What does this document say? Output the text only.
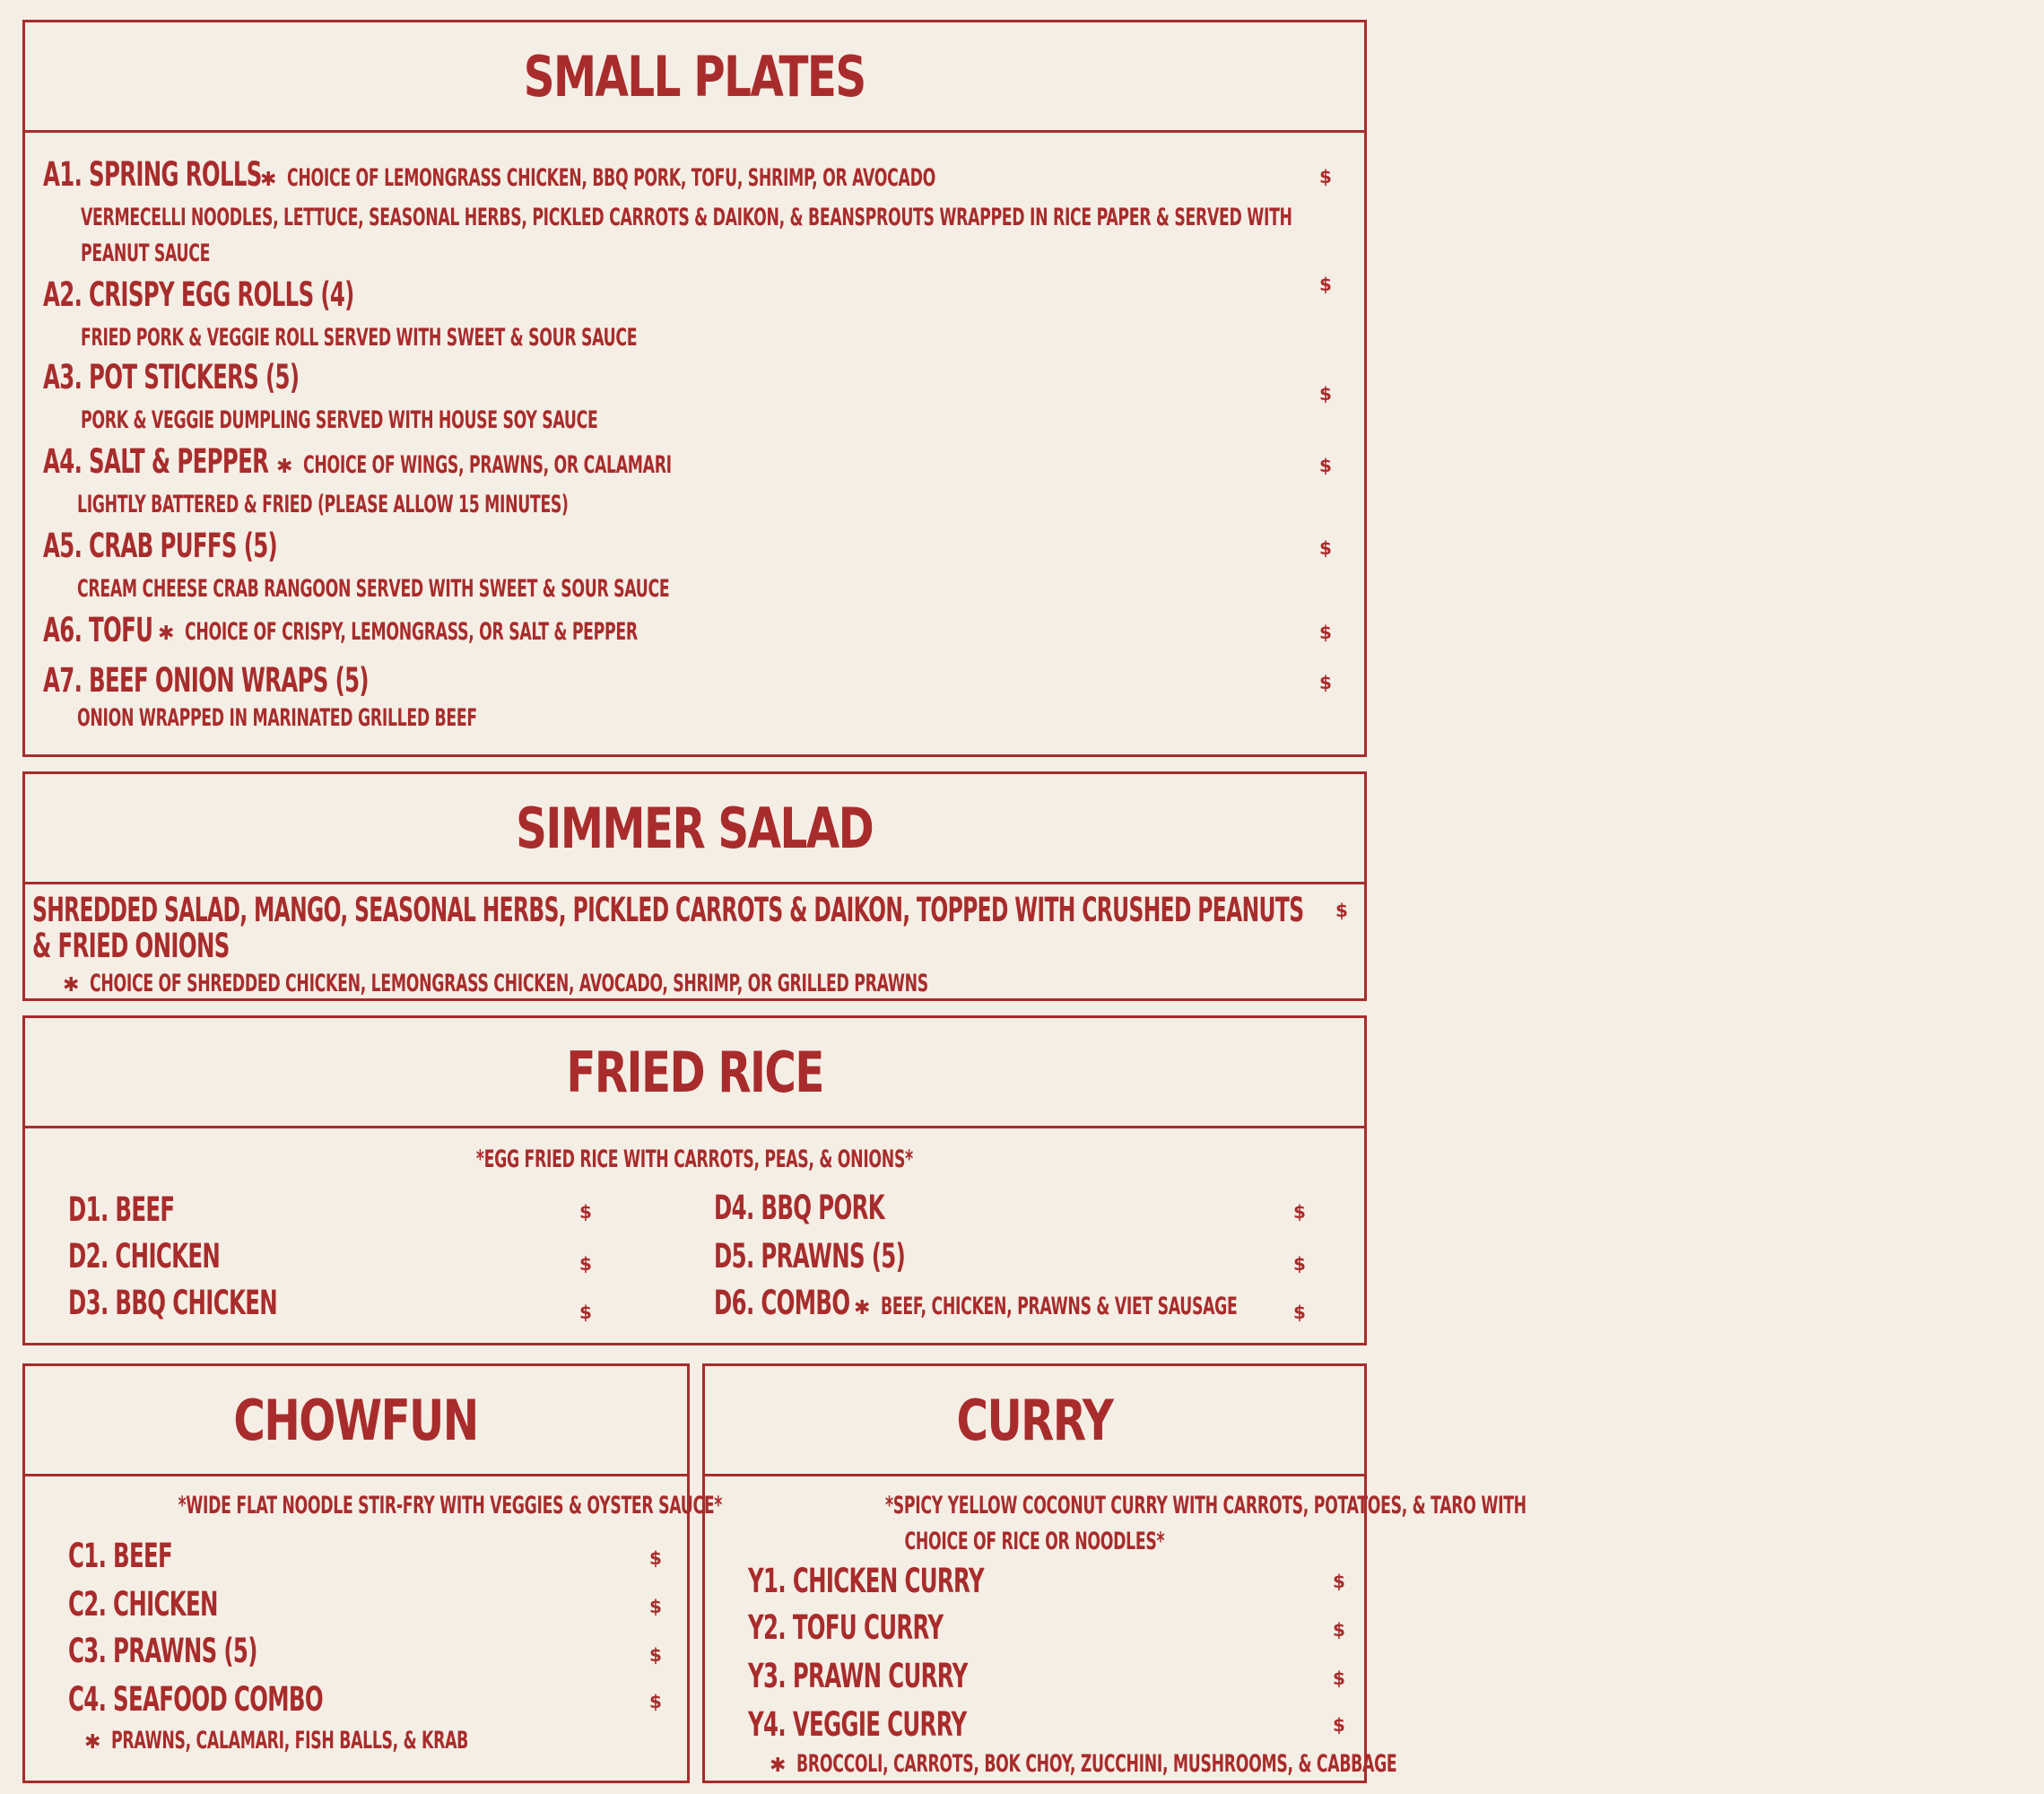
SMALL PLATES
A1. SPRING ROLLS
✱ CHOICE OF LEMONGRASS CHICKEN, BBQ PORK, TOFU, SHRIMP, OR AVOCADO	$
VERMECELLI NOODLES, LETTUCE, SEASONAL HERBS, PICKLED CARROTS & DAIKON, & BEANSPROUTS WRAPPED IN RICE PAPER & SERVED WITH
PEANUT SAUCE
A2. CRISPY EGG ROLLS (4)	$
FRIED PORK & VEGGIE ROLL SERVED WITH SWEET & SOUR SAUCE
A3. POT STICKERS (5)	$
PORK & VEGGIE DUMPLING SERVED WITH HOUSE SOY SAUCE
A4. SALT & PEPPER ✱ CHOICE OF WINGS, PRAWNS, OR CALAMARI	$
LIGHTLY BATTERED & FRIED (PLEASE ALLOW 15 MINUTES)
A5. CRAB PUFFS (5)	$
CREAM CHEESE CRAB RANGOON SERVED WITH SWEET & SOUR SAUCE
A6. TOFU ✱ CHOICE OF CRISPY, LEMONGRASS, OR SALT & PEPPER	$
A7. BEEF ONION WRAPS (5)	$
ONION WRAPPED IN MARINATED GRILLED BEEF
SIMMER SALAD
SHREDDED SALAD, MANGO, SEASONAL HERBS, PICKLED CARROTS & DAIKON, TOPPED WITH CRUSHED PEANUTS
& FRIED ONIONS
$
✱ CHOICE OF SHREDDED CHICKEN, LEMONGRASS CHICKEN, AVOCADO, SHRIMP, OR GRILLED PRAWNS
FRIED RICE
*EGG FRIED RICE WITH CARROTS, PEAS, & ONIONS*
D1. BEEF	$
D2. CHICKEN	$
D3. BBQ CHICKEN	$
D4. BBQ PORK	$
D5. PRAWNS (5)	$
D6. COMBO ✱ BEEF, CHICKEN, PRAWNS & VIET SAUSAGE	$
CHOWFUN
*WIDE FLAT NOODLE STIR-FRY WITH VEGGIES & OYSTER SAUCE*
C1. BEEF	$
C2. CHICKEN	$
C3. PRAWNS (5)	$
C4. SEAFOOD COMBO	$
✱ PRAWNS, CALAMARI, FISH BALLS, & KRAB
CURRY
*SPICY YELLOW COCONUT CURRY WITH CARROTS, POTATOES, & TARO WITH
CHOICE OF RICE OR NOODLES*
Y1. CHICKEN CURRY	$
Y2. TOFU CURRY	$
Y3. PRAWN CURRY	$
Y4. VEGGIE CURRY	$
✱ BROCCOLI, CARROTS, BOK CHOY, ZUCCHINI, MUSHROOMS, & CABBAGE
